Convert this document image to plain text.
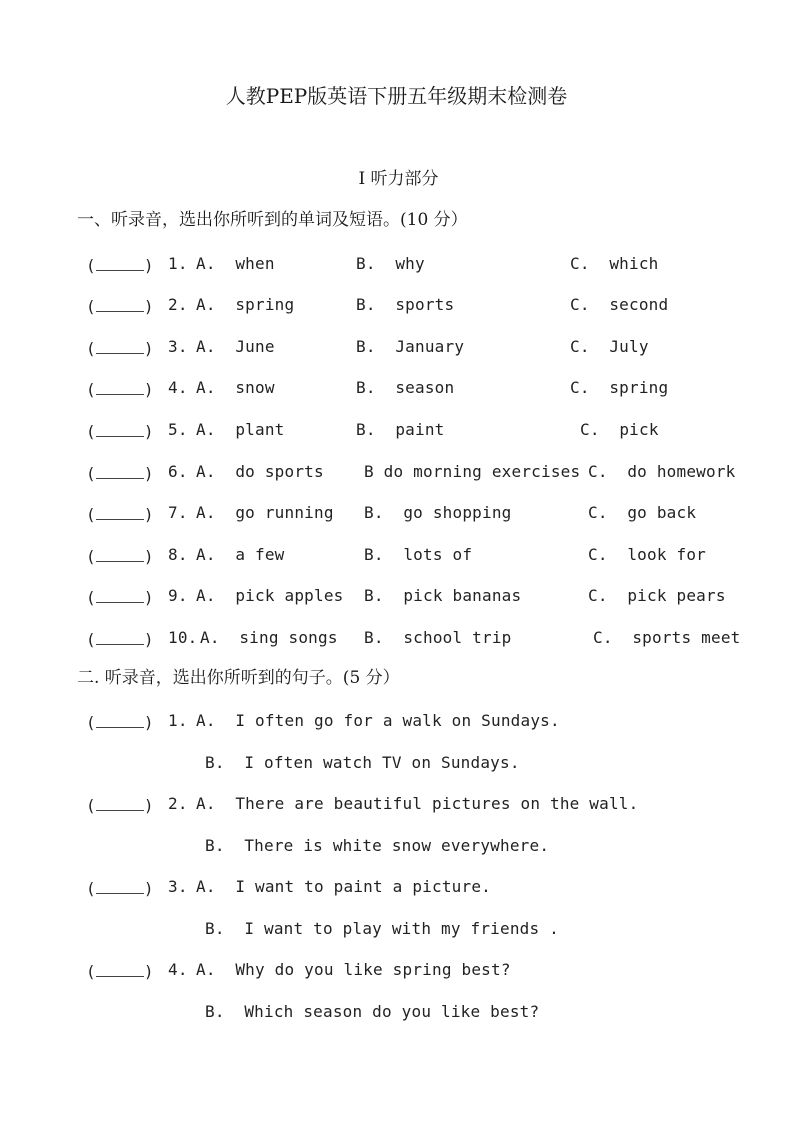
人教PEP版英语下册五年级期末检测卷
I 听力部分
一、听录音，选出你所听到的单词及短语。(10 分）
(	) 1. A.  when	B.  why	C.  which
(	) 2. A.  spring	B.  sports	C.  second
(	) 3. A.  June	B.  January	C.  July
(	) 4. A.  snow	B.  season	C.  spring
(	) 5. A.  plant	B.  paint	C.  pick
(	) 6. A.  do sports	B do morning exercises C.  do homework
(	) 7. A.  go running B.  go shopping	C.  go back
(	) 8. A.  a few	B.  lots of	C.  look for
(	) 9. A.  pick apples B.  pick bananas	C.  pick pears
(	) 10. A.  sing songs B.  school trip	C.  sports meet
二. 听录音，选出你所听到的句子。(5 分）
(	) 1. A.  I often go for a walk on Sundays.
B.  I often watch TV on Sundays.
(	) 2. A.  There are beautiful pictures on the wall.
B.  There is white snow everywhere.
(	) 3. A.  I want to paint a picture.
B.  I want to play with my friends .
(	) 4. A.  Why do you like spring best?
B.  Which season do you like best?
